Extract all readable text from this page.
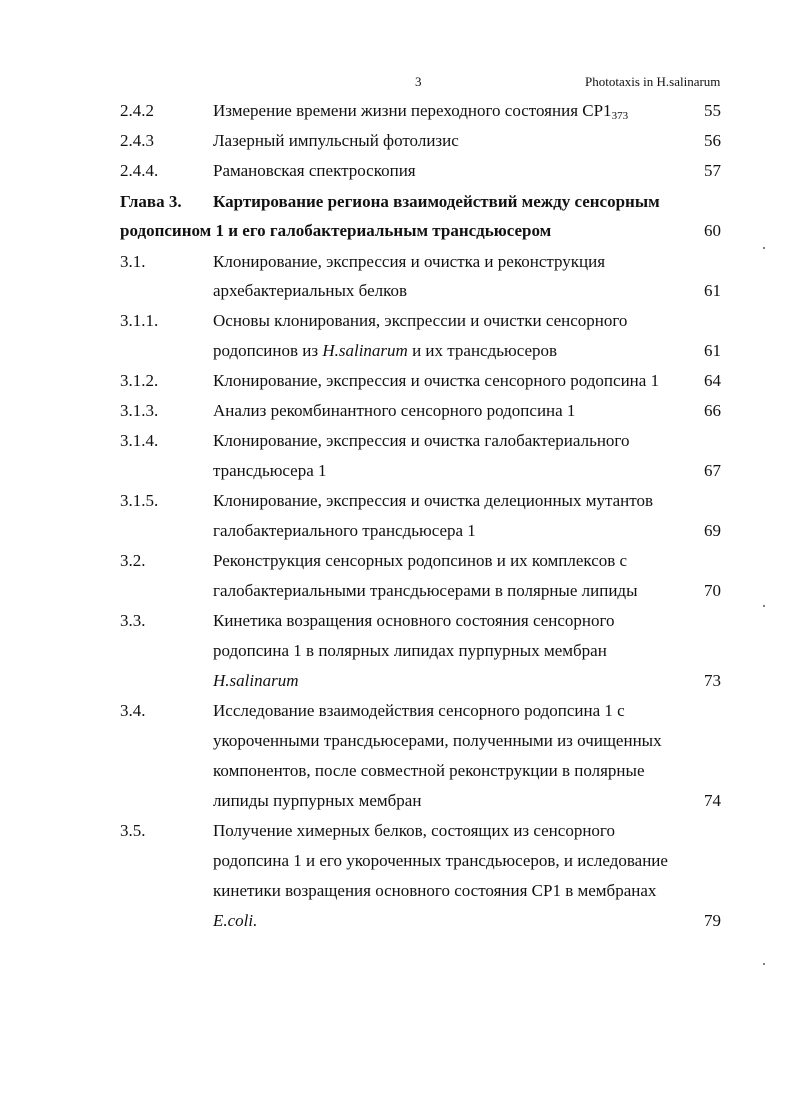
3	Phototaxis in H.salinarum
2.4.2	Измерение времени жизни переходного состояния $СР1_{373}$	55
2.4.3	Лазерный импульсный фотолизис	56
2.4.4.	Рамановская спектроскопия	57
Глава 3. Картирование региона взаимодействий между сенсорным
родопсином 1 и его галобактериальным трансдьюсером	60
3.1.	Клонирование, экспрессия и очистка и реконструкция
архебактериальных белков	61
3.1.1.	Основы клонирования, экспрессии и очистки сенсорного
родопсинов из H.salinarum и их трансдьюсеров	61
3.1.2.	Клонирование, экспрессия и очистка сенсорного родопсина 1	64
3.1.3.	Анализ рекомбинантного сенсорного родопсина 1	66
3.1.4.	Клонирование, экспрессия и очистка галобактериального
трансдьюсера 1	67
3.1.5.	Клонирование, экспрессия и очистка делеционных мутантов
галобактериального трансдьюсера 1	69
3.2.	Реконструкция сенсорных родопсинов и их комплексов с
галобактериальными трансдьюсерами в полярные липиды	70
3.3.	Кинетика возращения основного состояния сенсорного
родопсина 1 в полярных липидах пурпурных мембран
H.salinarum	73
3.4.	Исследование взаимодействия сенсорного родопсина 1 с
укороченными трансдьюсерами, полученными из очищенных
компонентов, после совместной реконструкции в полярные
липиды пурпурных мембран	74
3.5.	Получение химерных белков, состоящих из сенсорного
родопсина 1 и его укороченных трансдьюсеров, и иследование
кинетики возращения основного состояния СР1 в мембранах
E.coli.	79
